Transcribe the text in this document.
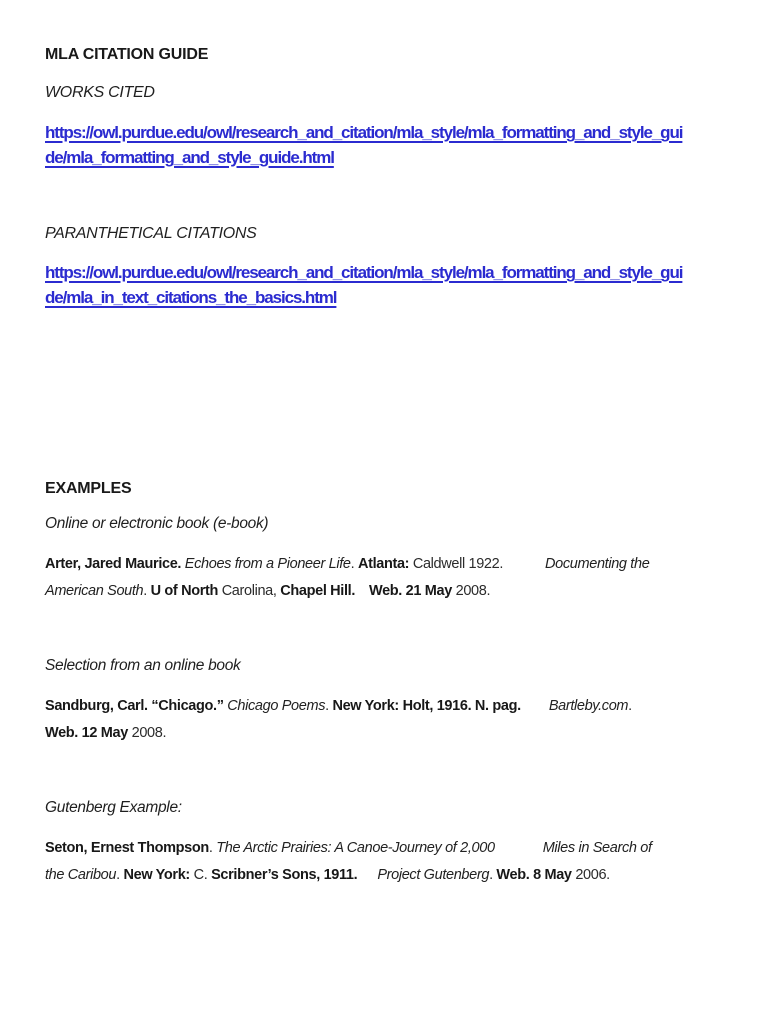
MLA CITATION GUIDE
WORKS CITED
https://owl.purdue.edu/owl/research_and_citation/mla_style/mla_formatting_and_style_gui de/mla_formatting_and_style_guide.html
PARANTHETICAL CITATIONS
https://owl.purdue.edu/owl/research_and_citation/mla_style/mla_formatting_and_style_gui de/mla_in_text_citations_the_basics.html
EXAMPLES
Online or electronic book (e-book)
Arter, Jared Maurice. Echoes from a Pioneer Life. Atlanta: Caldwell 1922.	Documenting the
American South. U of North Carolina, Chapel Hill. Web. 21 May 2008.
Selection from an online book
Sandburg, Carl. “Chicago.” Chicago Poems. New York: Holt, 1916. N. pag. Bartleby.com.
Web. 12 May 2008.
Gutenberg Example:
Seton, Ernest Thompson. The Arctic Prairies: A Canoe-Journey of 2,000	Miles in Search of
the Caribou. New York: C. Scribner’s Sons, 1911. Project Gutenberg. Web. 8 May 2006.
